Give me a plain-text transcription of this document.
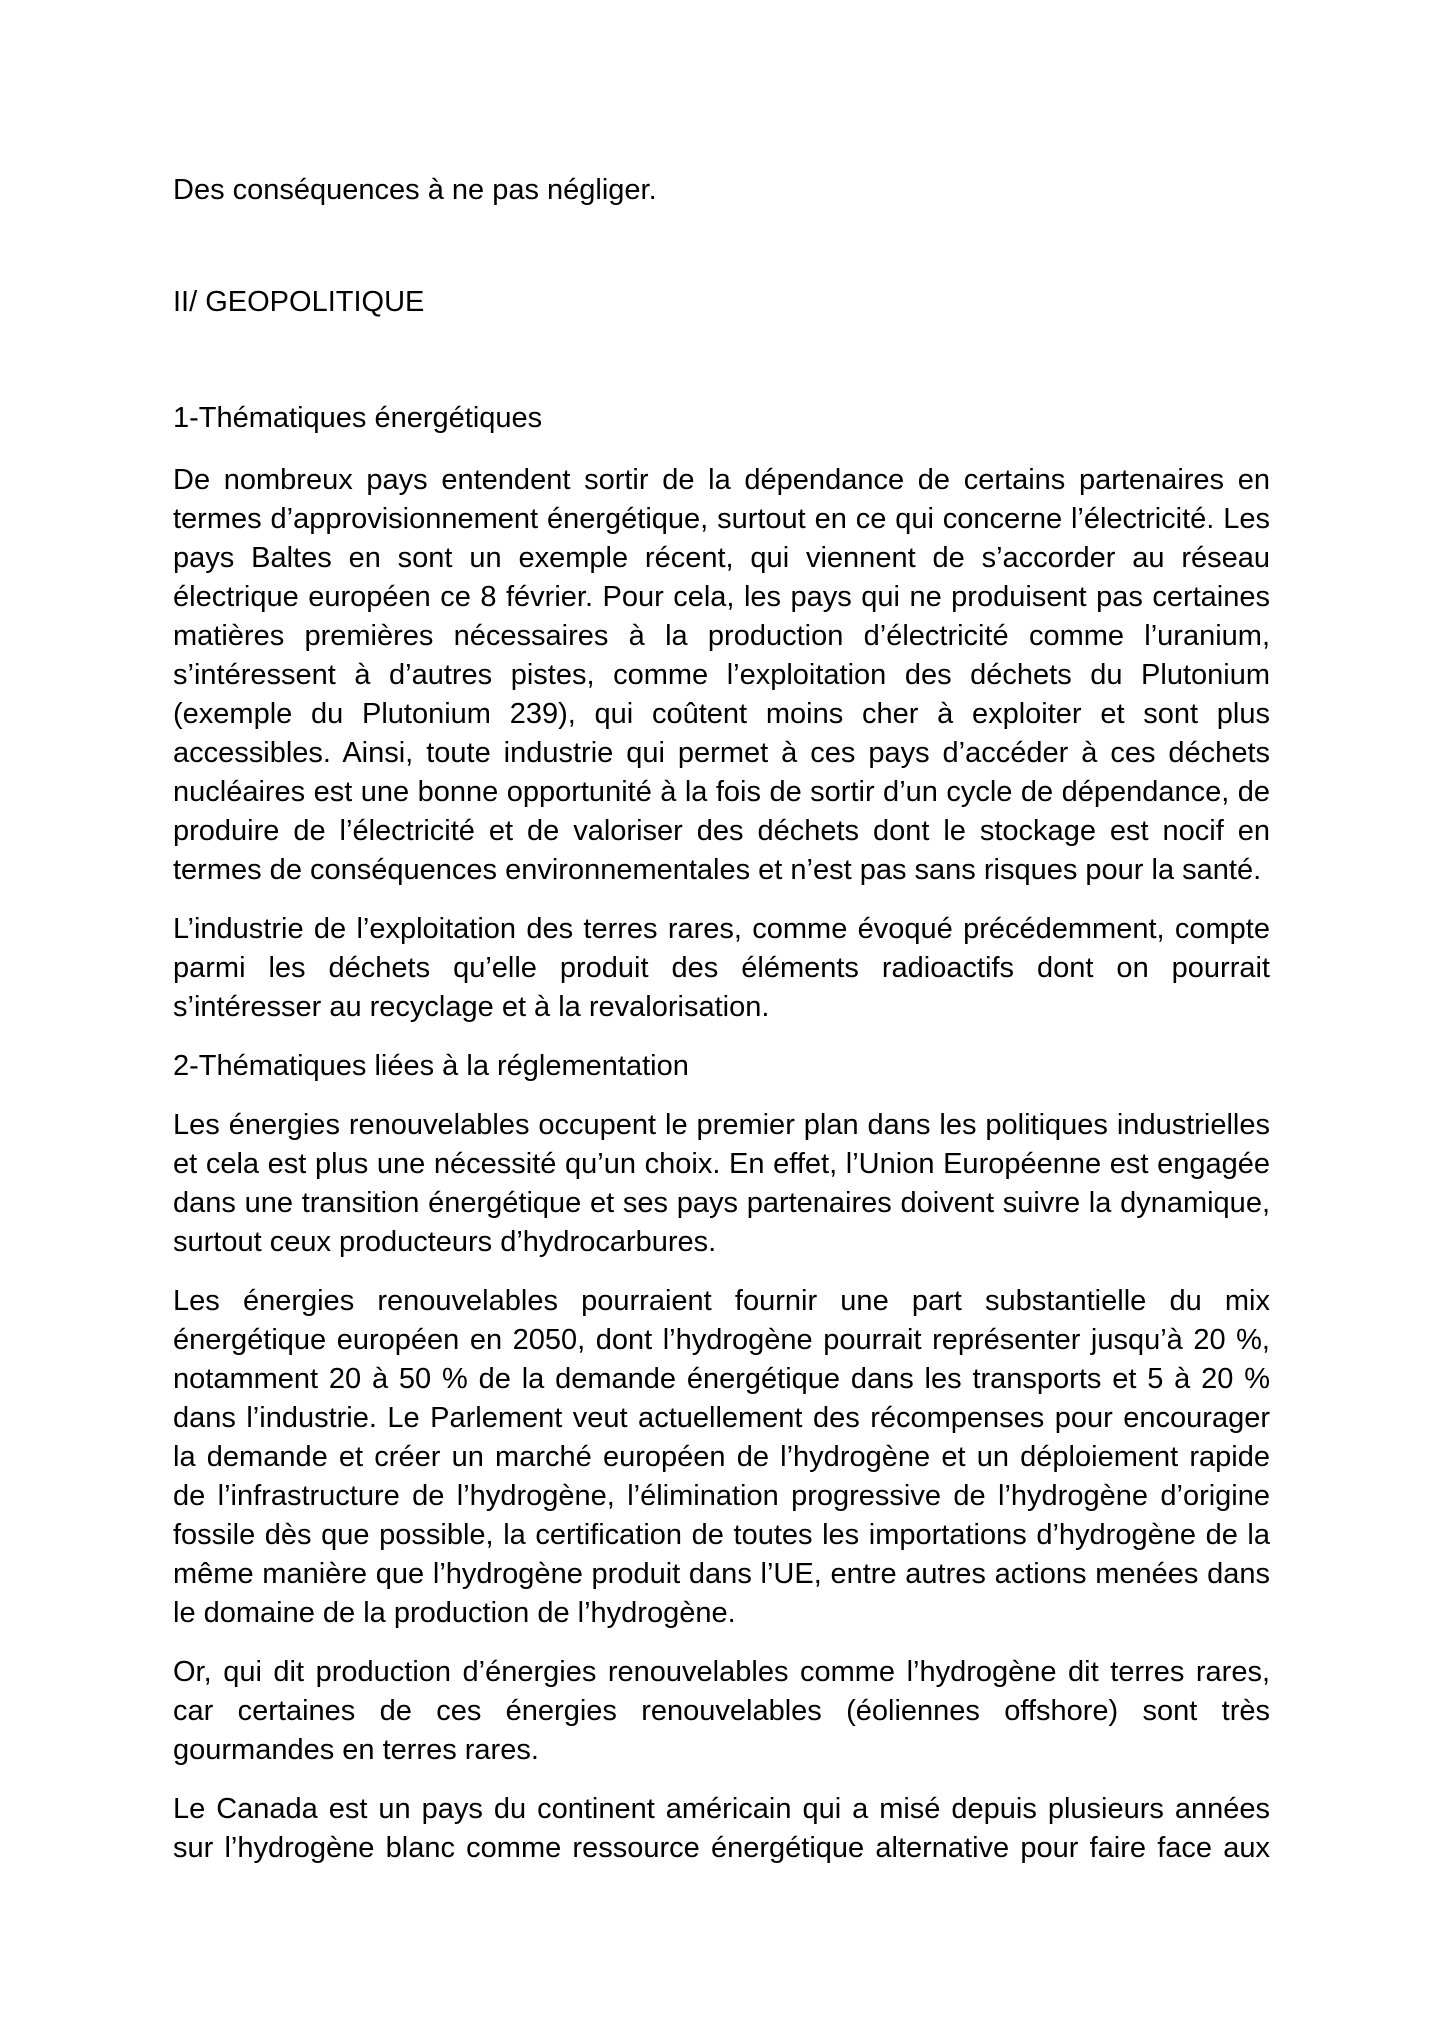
Des conséquences à ne pas négliger.

II/ GEOPOLITIQUE

1-Thématiques énergétiques

De nombreux pays entendent sortir de la dépendance de certains partenaires en termes d’approvisionnement énergétique, surtout en ce qui concerne l’électricité. Les pays Baltes en sont un exemple récent, qui viennent de s’accorder au réseau électrique européen ce 8 février. Pour cela, les pays qui ne produisent pas certaines matières premières nécessaires à la production d’électricité comme l’uranium, s’intéressent à d’autres pistes, comme l’exploitation des déchets du Plutonium (exemple du Plutonium 239), qui coûtent moins cher à exploiter et sont plus accessibles. Ainsi, toute industrie qui permet à ces pays d’accéder à ces déchets nucléaires est une bonne opportunité à la fois de sortir d’un cycle de dépendance, de produire de l’électricité et de valoriser des déchets dont le stockage est nocif en termes de conséquences environnementales et n’est pas sans risques pour la santé.

L’industrie de l’exploitation des terres rares, comme évoqué précédemment, compte parmi les déchets qu’elle produit des éléments radioactifs dont on pourrait s’intéresser au recyclage et à la revalorisation.

2-Thématiques liées à la réglementation

Les énergies renouvelables occupent le premier plan dans les politiques industrielles et cela est plus une nécessité qu’un choix. En effet, l’Union Européenne est engagée dans une transition énergétique et ses pays partenaires doivent suivre la dynamique, surtout ceux producteurs d’hydrocarbures.

Les énergies renouvelables pourraient fournir une part substantielle du mix énergétique européen en 2050, dont l’hydrogène pourrait représenter jusqu’à 20 %, notamment 20 à 50 % de la demande énergétique dans les transports et 5 à 20 % dans l’industrie. Le Parlement veut actuellement des récompenses pour encourager la demande et créer un marché européen de l’hydrogène et un déploiement rapide de l’infrastructure de l’hydrogène, l’élimination progressive de l’hydrogène d’origine fossile dès que possible, la certification de toutes les importations d’hydrogène de la même manière que l’hydrogène produit dans l’UE, entre autres actions menées dans le domaine de la production de l’hydrogène.

Or, qui dit production d’énergies renouvelables comme l’hydrogène dit terres rares, car certaines de ces énergies renouvelables (éoliennes offshore) sont très gourmandes en terres rares.

Le Canada est un pays du continent américain qui a misé depuis plusieurs années sur l’hydrogène blanc comme ressource énergétique alternative pour faire face aux
